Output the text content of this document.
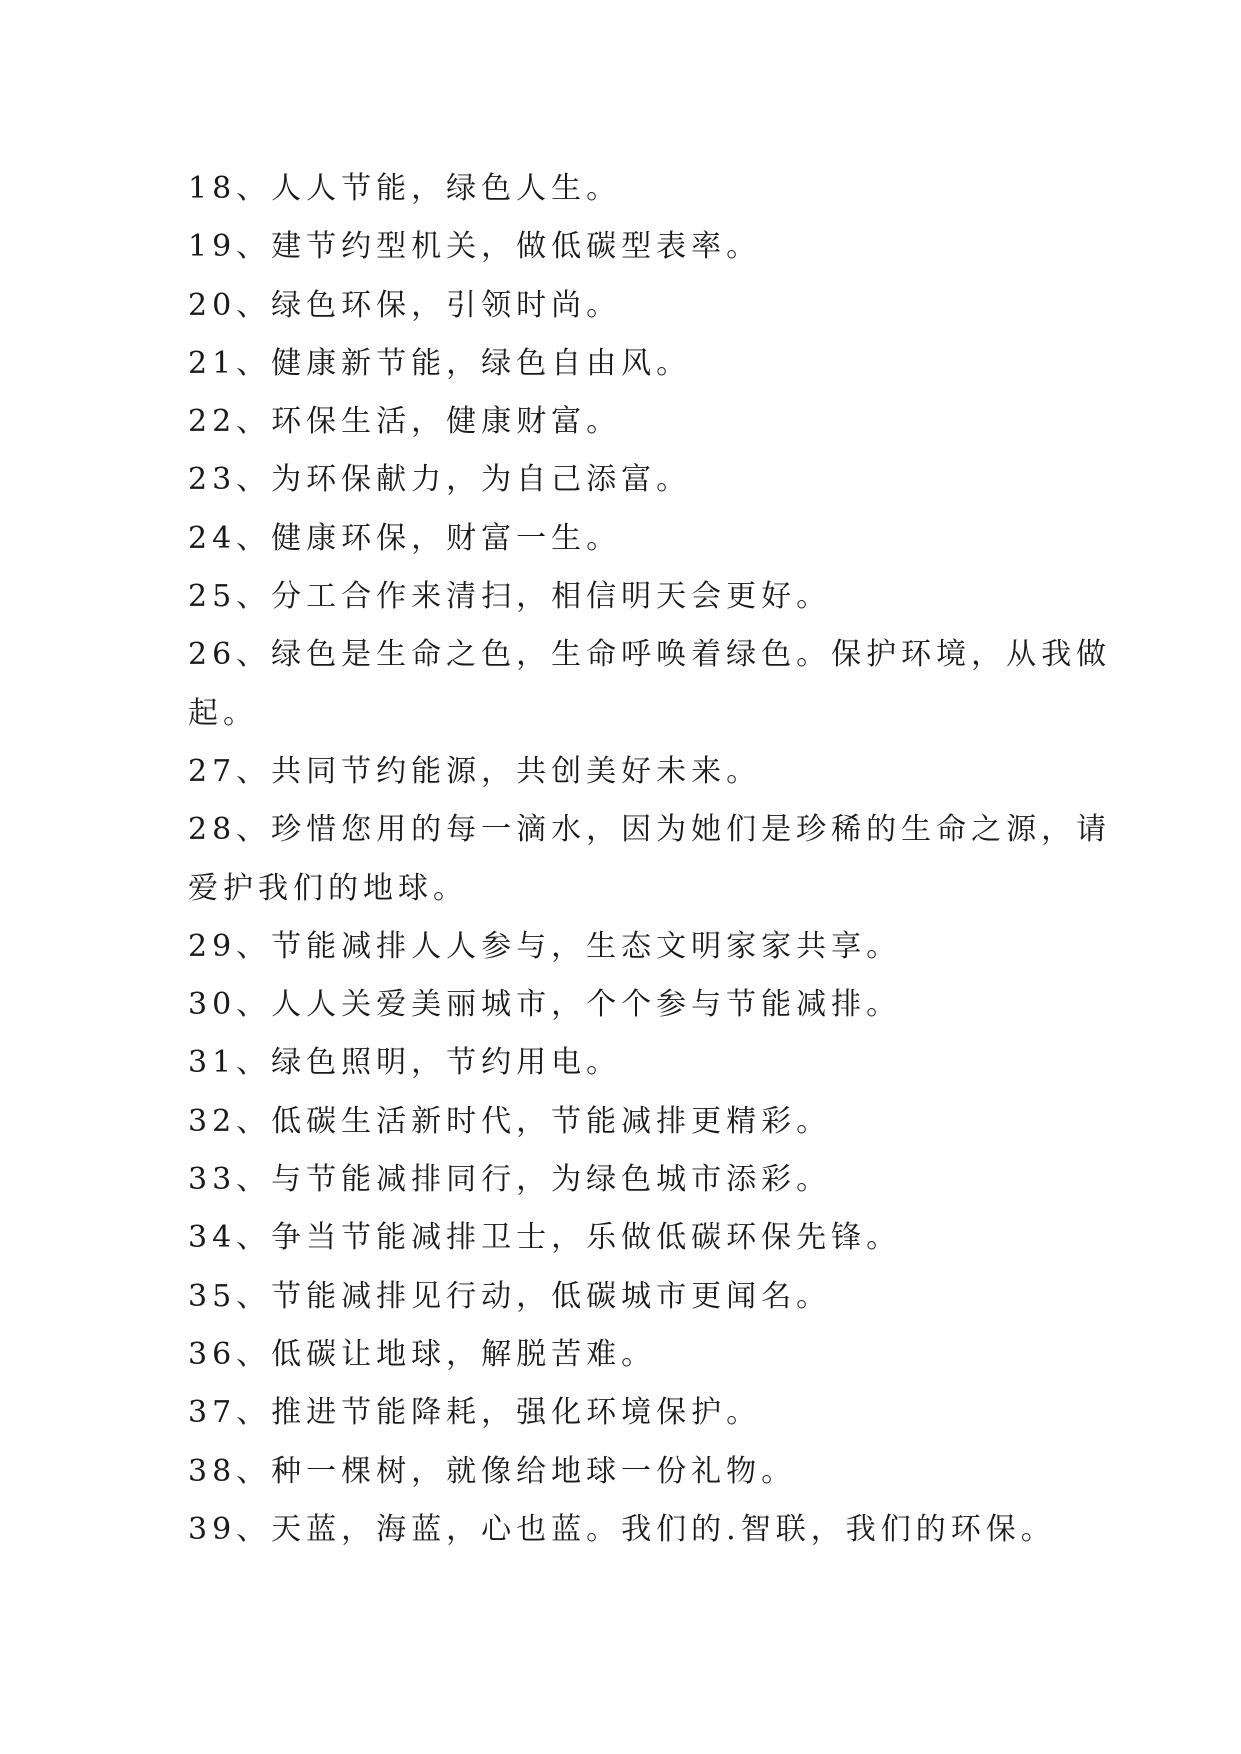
18、人人节能，绿色人生。
19、建节约型机关，做低碳型表率。
20、绿色环保，引领时尚。
21、健康新节能，绿色自由风。
22、环保生活，健康财富。
23、为环保献力，为自己添富。
24、健康环保，财富一生。
25、分工合作来清扫，相信明天会更好。
26、绿色是生命之色，生命呼唤着绿色。保护环境，从我做
起。
27、共同节约能源，共创美好未来。
28、珍惜您用的每一滴水，因为她们是珍稀的生命之源，请
爱护我们的地球。
29、节能减排人人参与，生态文明家家共享。
30、人人关爱美丽城市，个个参与节能减排。
31、绿色照明，节约用电。
32、低碳生活新时代，节能减排更精彩。
33、与节能减排同行，为绿色城市添彩。
34、争当节能减排卫士，乐做低碳环保先锋。
35、节能减排见行动，低碳城市更闻名。
36、低碳让地球，解脱苦难。
37、推进节能降耗，强化环境保护。
38、种一棵树，就像给地球一份礼物。
39、天蓝，海蓝，心也蓝。我们的.智联，我们的环保。
